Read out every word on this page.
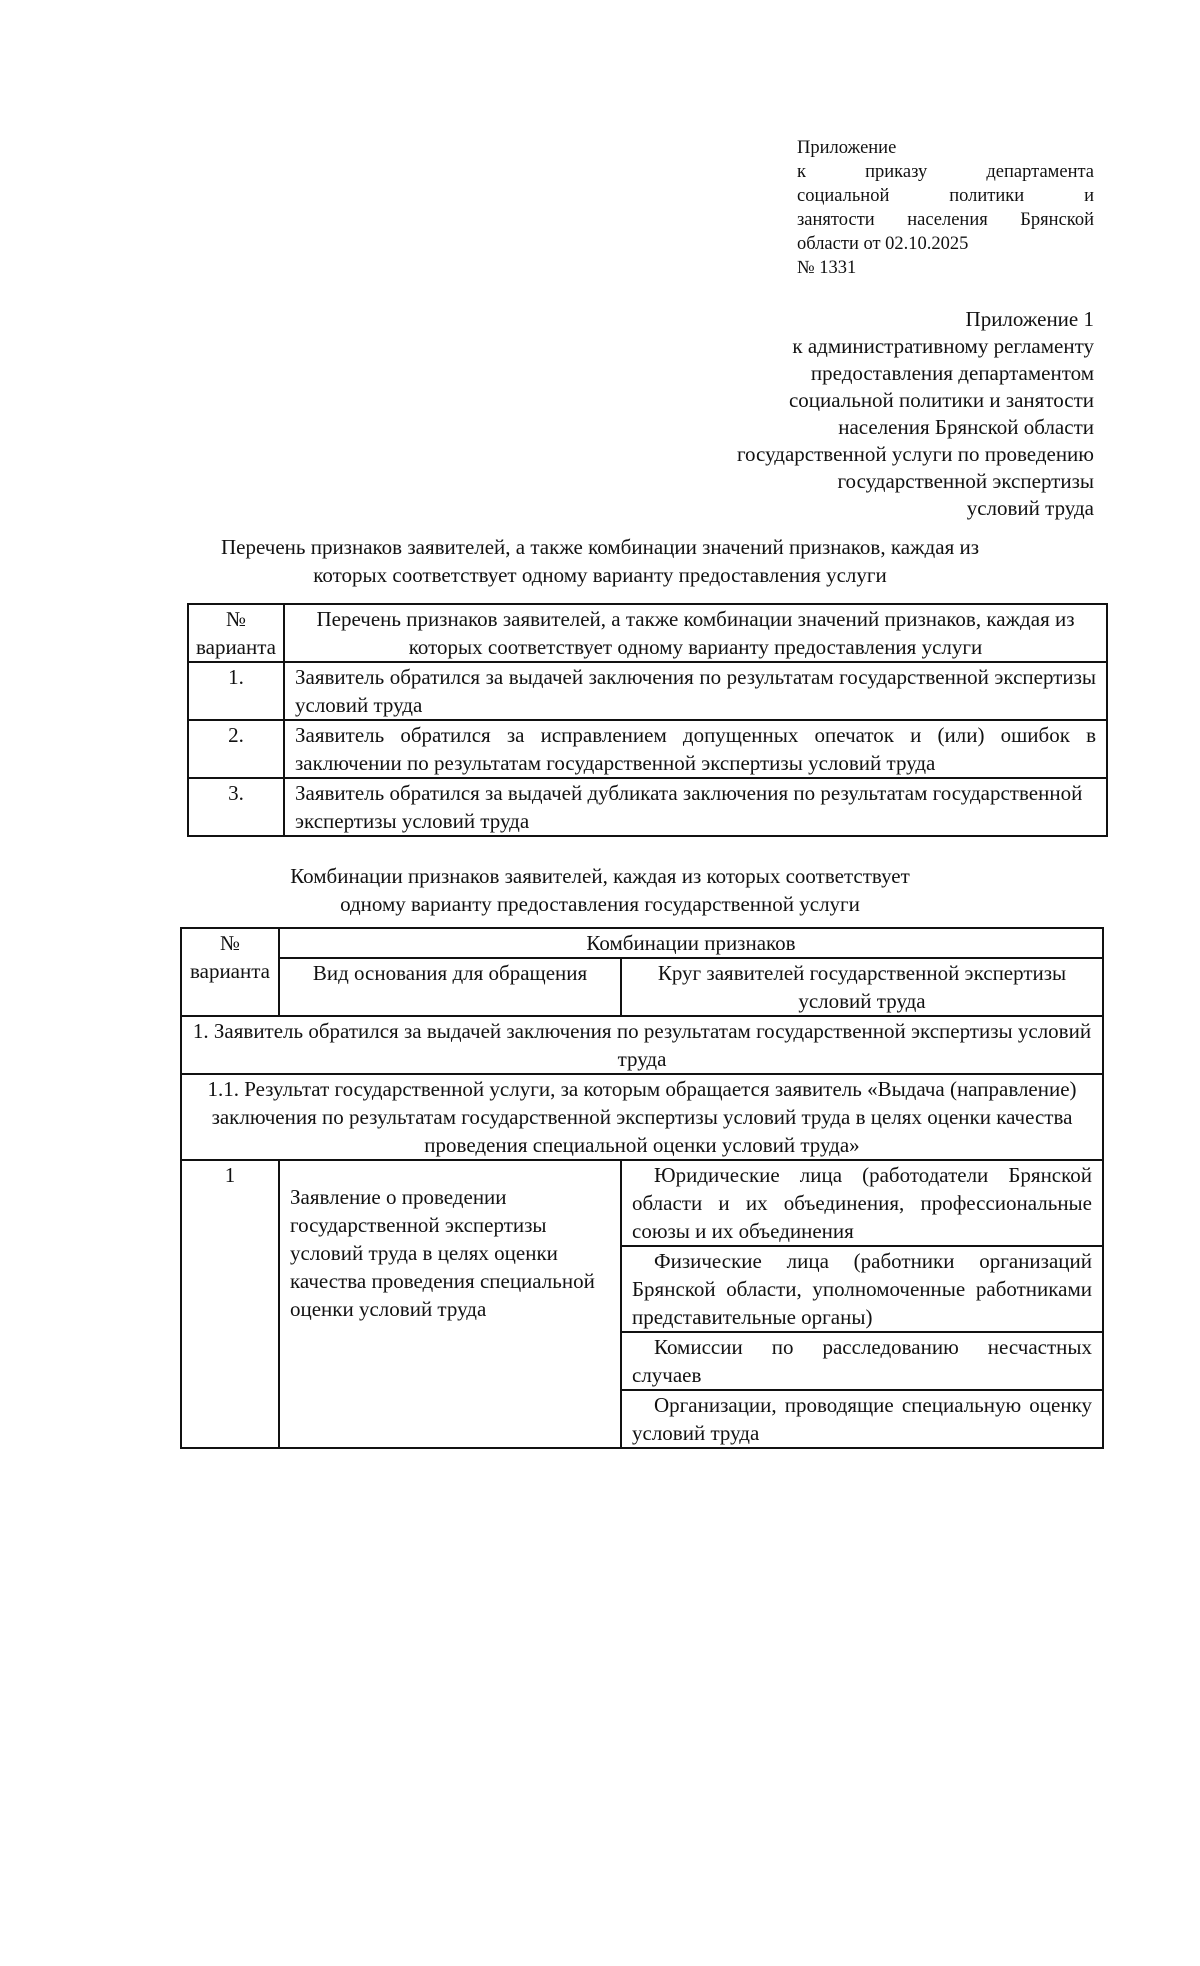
Приложение
к приказу департамента
социальной политики и
занятости населения Брянской
области от 02.10.2025
№ 1331
Приложение 1
к административному регламенту
предоставления департаментом
социальной политики и занятости
населения Брянской области
государственной услуги по проведению
государственной экспертизы
условий труда
Перечень признаков заявителей, а также комбинации значений признаков, каждая из
которых соответствует одному варианту предоставления услуги
№ варианта	Перечень признаков заявителей, а также комбинации значений признаков, каждая из которых соответствует одному варианту предоставления услуги
1.	Заявитель обратился за выдачей заключения по результатам государственной экспертизы условий труда
2.	Заявитель обратился за исправлением допущенных опечаток и (или) ошибок в заключении по результатам государственной экспертизы условий труда
3.	Заявитель обратился за выдачей дубликата заключения по результатам государственной экспертизы условий труда
Комбинации признаков заявителей, каждая из которых соответствует
одному варианту предоставления государственной услуги
№ варианта	Комбинации признаков	
	Вид основания для обращения	Круг заявителей государственной экспертизы условий труда
1. Заявитель обратился за выдачей заключения по результатам государственной экспертизы условий труда		
1.1. Результат государственной услуги, за которым обращается заявитель «Выдача (направление) заключения по результатам государственной экспертизы условий труда в целях оценки качества проведения специальной оценки условий труда»		
1	Заявление о проведении государственной экспертизы условий труда в целях оценки качества проведения специальной оценки условий труда	Юридические лица (работодатели Брянской области и их объединения, профессиональные союзы и их объединения
		Физические лица (работники организаций Брянской области, уполномоченные работниками представительные органы)
		Комиссии по расследованию несчастных случаев
		Организации, проводящие специальную оценку условий труда
